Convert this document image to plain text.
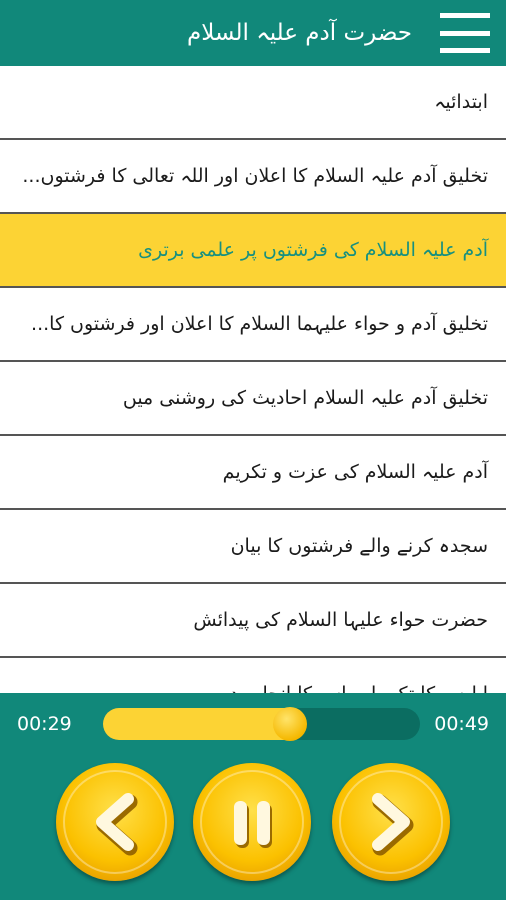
حضرت آدم علیہ السلام
ابتدائیہ
تخلیق آدم علیہ السلام کا اعلان اور اللہ تعالی کا فرشتوں...
آدم علیہ السلام کی فرشتوں پر علمی برتری
تخلیق آدم و حواء علیہما السلام کا اعلان اور فرشتوں کا...
تخلیق آدم علیہ السلام احادیث کی روشنی میں
آدم علیہ السلام کی عزت و تکریم
سجدہ کرنے والے فرشتوں کا بیان
حضرت حواء علیہا السلام کی پیدائش
00:29	00:49
